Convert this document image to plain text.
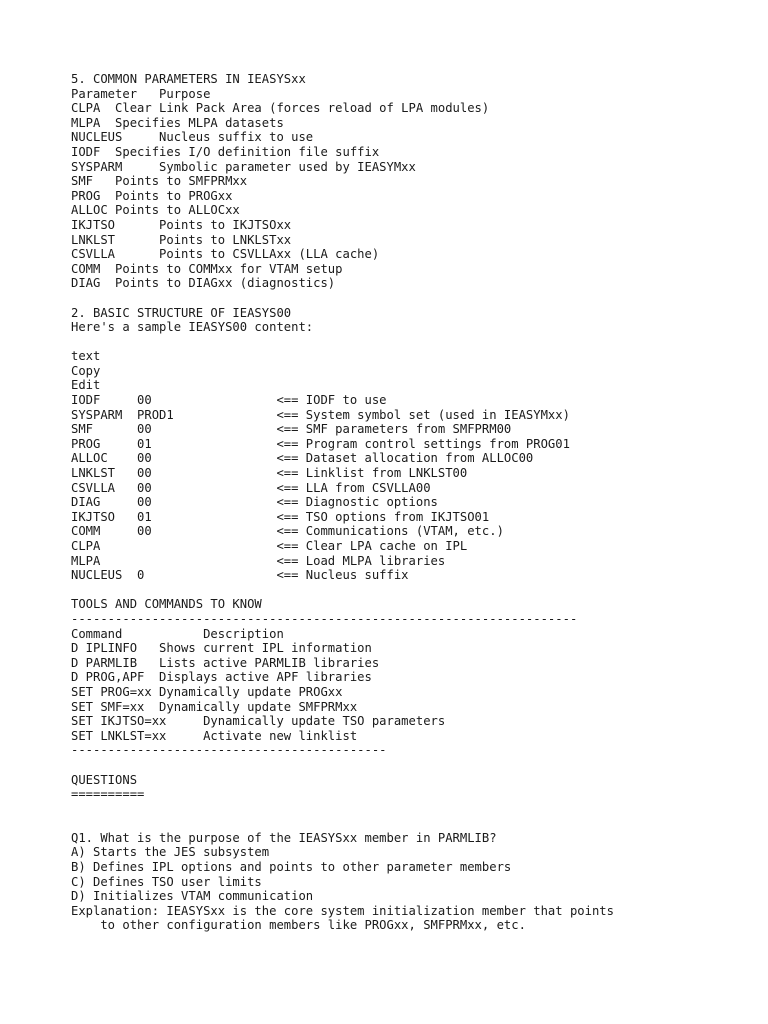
5. COMMON PARAMETERS IN IEASYSxx
Parameter   Purpose
CLPA  Clear Link Pack Area (forces reload of LPA modules)
MLPA  Specifies MLPA datasets
NUCLEUS     Nucleus suffix to use
IODF  Specifies I/O definition file suffix
SYSPARM     Symbolic parameter used by IEASYMxx
SMF   Points to SMFPRMxx
PROG  Points to PROGxx
ALLOC Points to ALLOCxx
IKJTSO      Points to IKJTSOxx
LNKLST      Points to LNKLSTxx
CSVLLA      Points to CSVLLAxx (LLA cache)
COMM  Points to COMMxx for VTAM setup
DIAG  Points to DIAGxx (diagnostics)
2. BASIC STRUCTURE OF IEASYS00
Here's a sample IEASYS00 content:
text
Copy
Edit
IODF     00                 <== IODF to use
SYSPARM  PROD1              <== System symbol set (used in IEASYMxx)
SMF      00                 <== SMF parameters from SMFPRM00
PROG     01                 <== Program control settings from PROG01
ALLOC    00                 <== Dataset allocation from ALLOC00
LNKLST   00                 <== Linklist from LNKLST00
CSVLLA   00                 <== LLA from CSVLLA00
DIAG     00                 <== Diagnostic options
IKJTSO   01                 <== TSO options from IKJTSO01
COMM     00                 <== Communications (VTAM, etc.)
CLPA                        <== Clear LPA cache on IPL
MLPA                        <== Load MLPA libraries
NUCLEUS  0                  <== Nucleus suffix
TOOLS AND COMMANDS TO KNOW
---------------------------------------------------------------------
Command           Description
D IPLINFO   Shows current IPL information
D PARMLIB   Lists active PARMLIB libraries
D PROG,APF  Displays active APF libraries
SET PROG=xx Dynamically update PROGxx
SET SMF=xx  Dynamically update SMFPRMxx
SET IKJTSO=xx     Dynamically update TSO parameters
SET LNKLST=xx     Activate new linklist
-------------------------------------------
QUESTIONS
==========
Q1. What is the purpose of the IEASYSxx member in PARMLIB?
A) Starts the JES subsystem
B) Defines IPL options and points to other parameter members
C) Defines TSO user limits
D) Initializes VTAM communication
Explanation: IEASYSxx is the core system initialization member that points
to other configuration members like PROGxx, SMFPRMxx, etc.
